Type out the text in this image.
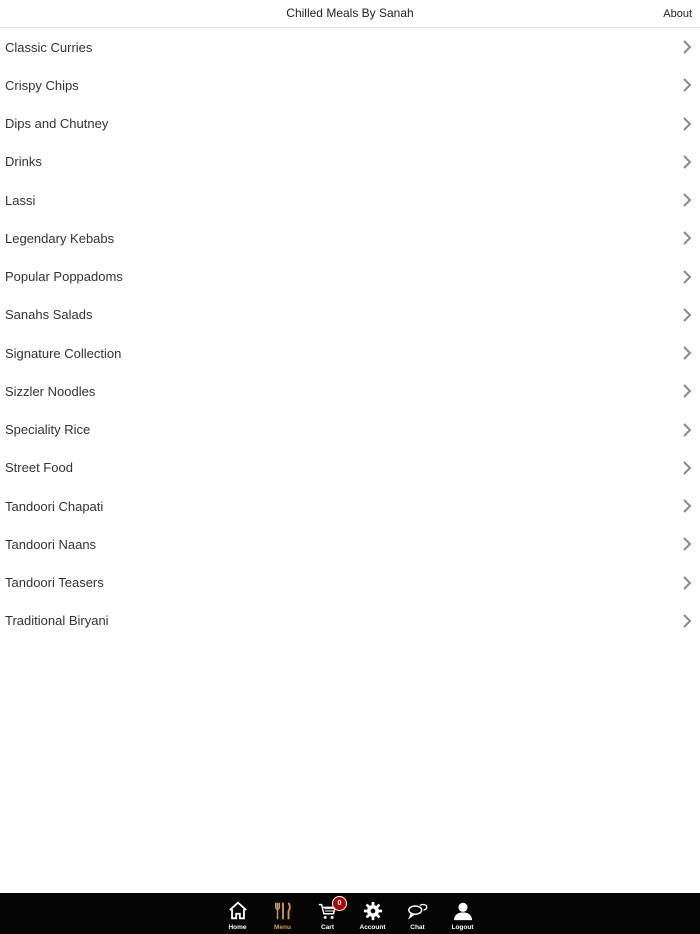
Chilled Meals By Sanah	About
Classic Curries
Crispy Chips
Dips and Chutney
Drinks
Lassi
Legendary Kebabs
Popular Poppadoms
Sanahs Salads
Signature Collection
Sizzler Noodles
Speciality Rice
Street Food
Tandoori Chapati
Tandoori Naans
Tandoori Teasers
Traditional Biryani
Home	Menu
0
Cart	Account	Chat	Logout
